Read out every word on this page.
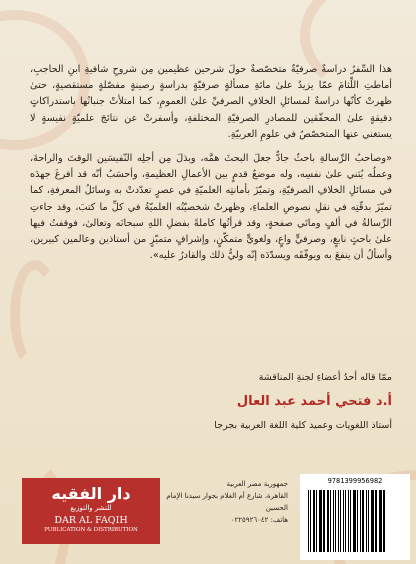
هذا السِّفرُ دراسةٌ صرفيّةٌ متخصّصةٌ حولَ شرحين عظيمين مِن شروحِ شافيةِ ابنِ الحاجبِ، أماطتِ اللِّثامَ عمّا يزيدُ علىٰ مائةِ مسألةٍ صرفيّةٍ بدراسةٍ رصينةٍ مفصّلةٍ مستقصيةٍ، حتىٰ ظهرتْ كأنّها دراسةٌ لمسائلِ الخلافِ الصرفيِّ علىٰ العمومِ، كما امتلأتْ جنباتُها باستدراكاتٍ دقيقةٍ علىٰ المحقّقين للمصادرِ الصرفيّةِ المختلفةِ، وأسفرتْ عن نتائجَ علميّةٍ نفيسةٍ لا يستغني عنها المتخصّصُ في علومِ العربيّةِ.

«وصاحبُ الرِّسالةِ باحثٌ جادٌّ جعلَ البحثَ همَّه، وبذلَ مِن أجلِه النّفيسَين الوقتَ والراحةَ، وعملُه يُثني علىٰ نفسِه، وله موضعُ قدمٍ بين الأعمالِ العظيمةِ، وأحسَبُ أنّه قد أفرغَ جهدَه في مسائلِ الخلافِ الصرفيّةِ، وتميّزَ بأمانتِه العلميّةِ في عصرٍ تعدّدتْ به وسائلُ المعرفةِ، كما تميّزَ بدقّتِه في نقلِ نصوصِ العلماءِ، وظهرتْ شخصيّتُه العلميّةُ في كلِّ ما كتبَ، وقد جاءتِ الرِّسالةُ في ألفٍ وماتَي صفحةٍ، وقد قرأتُها كاملةً بفضلِ اللهِ سبحانَه وتعالىٰ، فوقفتُ فيها علىٰ باحثٍ نابغٍ، وصرفيٍّ واعٍ، ولغويٍّ متمكّنٍ، وإشرافٍ متميّزٍ من أستاذين وعالمين كبيرين، وأسألُ أن ينفعَ به ويوفّقَه ويسدّدَه إنّه وليُّ ذلك والقادرُ عليه».

ممّا قاله أحدُ أعضاءِ لجنةِ المناقشة
أ.د فتحي أحمد عبد العال
أستاذ اللغويات وعميد كلية اللغة العربية بجرجا
دار الفقيه
للنشر والتوزيع
DAR AL FAQIH
PUBLICATION & DISTRIBUTION
جمهورية مصر العربية
القاهرة، شارع أم الغلام بجوار سيدنا الإمام الحسين
هاتف: ٠٢٢٥٩٢٦٠٤٢
9781399956982
